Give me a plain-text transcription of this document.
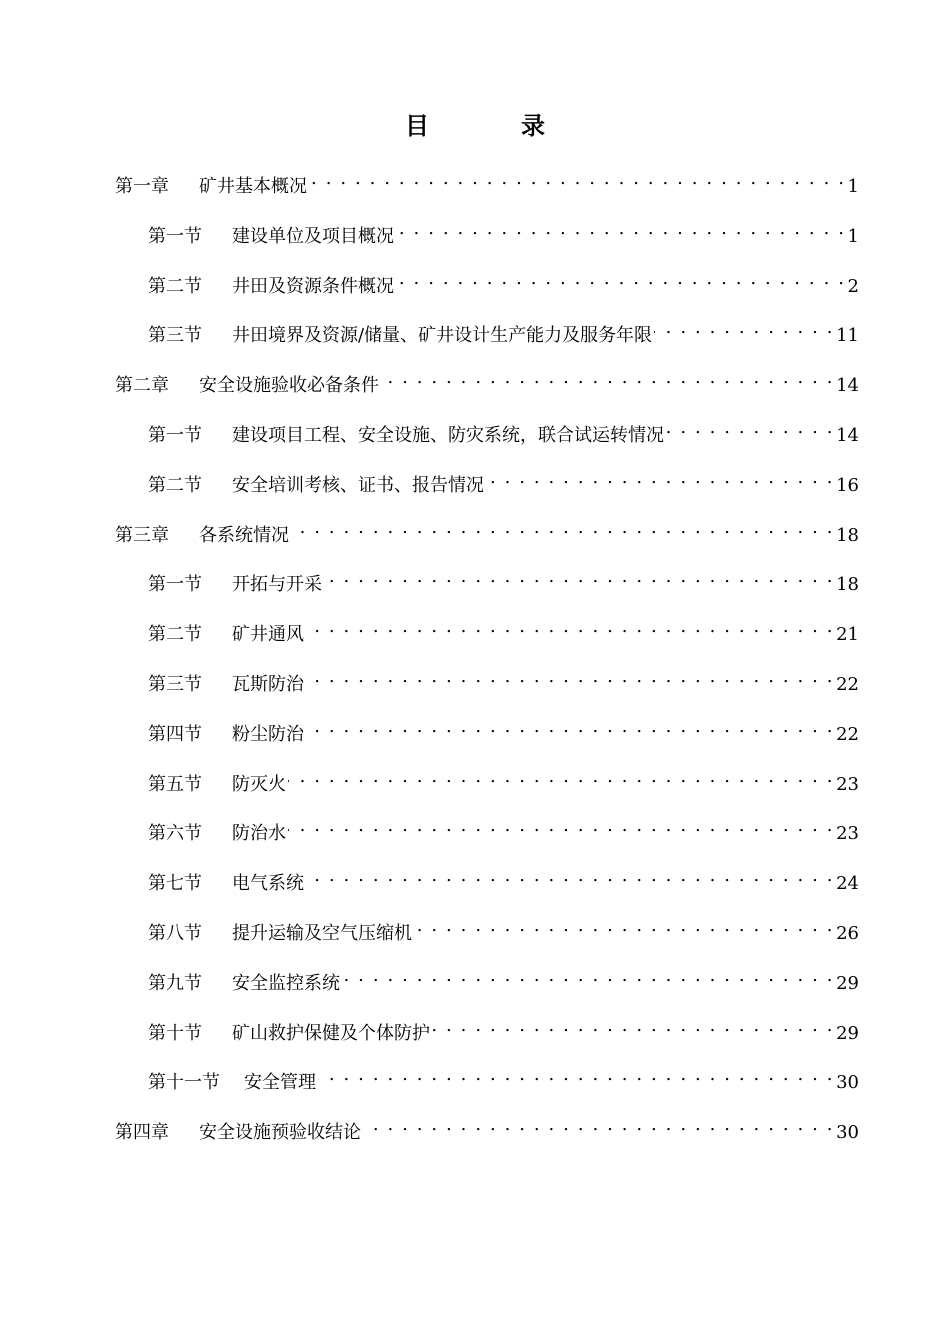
目　录
第一章	矿井基本概况 . . .	1
第一节	建设单位及项目概况 . . .	1
第二节	井田及资源条件概况 . . .	2
第三节	井田境界及资源/储量、矿井设计生产能力及服务年限 . . .	11
第二章	安全设施验收必备条件 . . .	14
第一节	建设项目工程、安全设施、防灾系统，联合试运转情况 . . .	14
第二节	安全培训考核、证书、报告情况 . . .	16
第三章	各系统情况 . . .	18
第一节	开拓与开采 . . .	18
第二节	矿井通风 . . .	21
第三节	瓦斯防治 . . .	22
第四节	粉尘防治 . . .	22
第五节	防灭火 . . .	23
第六节	防治水 . . .	23
第七节	电气系统 . . .	24
第八节	提升运输及空气压缩机 . . .	26
第九节	安全监控系统 . . .	29
第十节	矿山救护保健及个体防护 . . .	29
第十一节	安全管理 . . .	30
第四章	安全设施预验收结论 . . .	30
